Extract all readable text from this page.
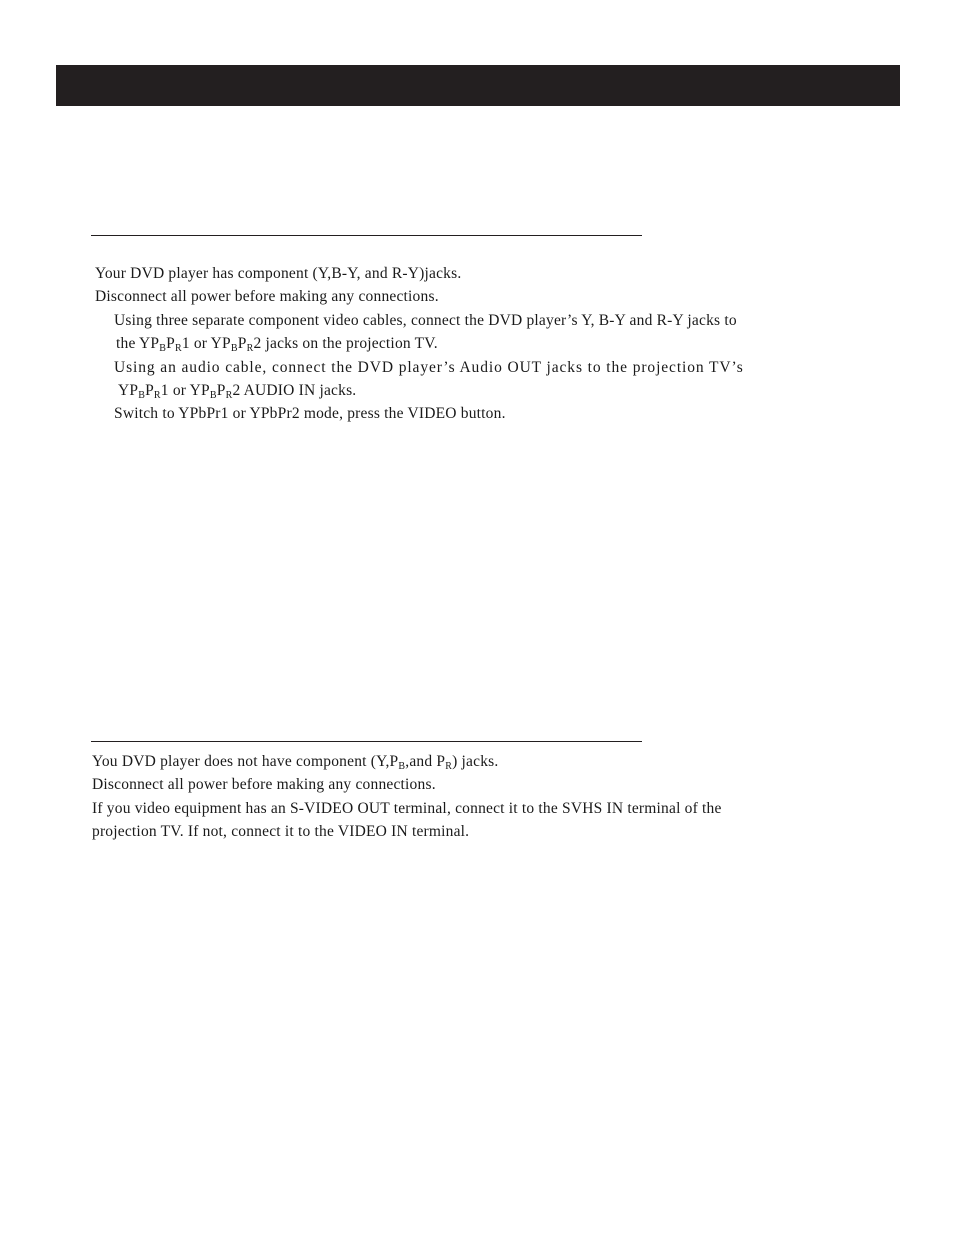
Your DVD player has component (Y,B-Y, and R-Y)jacks.
Disconnect all power before making any connections.
Using three separate component video cables, connect the DVD player’s Y, B-Y and R-Y jacks to
the $YP_BP_R1$ or $YP_BP_R2$ jacks on the projection TV.
Using an audio cable, connect the DVD player’s Audio OUT jacks to the projection TV’s
$YP_BP_R1$ or $YP_BP_R2$ AUDIO IN jacks.
Switch to YPbPr1 or YPbPr2 mode, press the VIDEO button.
You DVD player does not have component ($Y,P_B,and$ $P_R$) jacks.
Disconnect all power before making any connections.
If you video equipment has an S-VIDEO OUT terminal, connect it to the SVHS IN terminal of the
projection TV. If not, connect it to the VIDEO IN terminal.
